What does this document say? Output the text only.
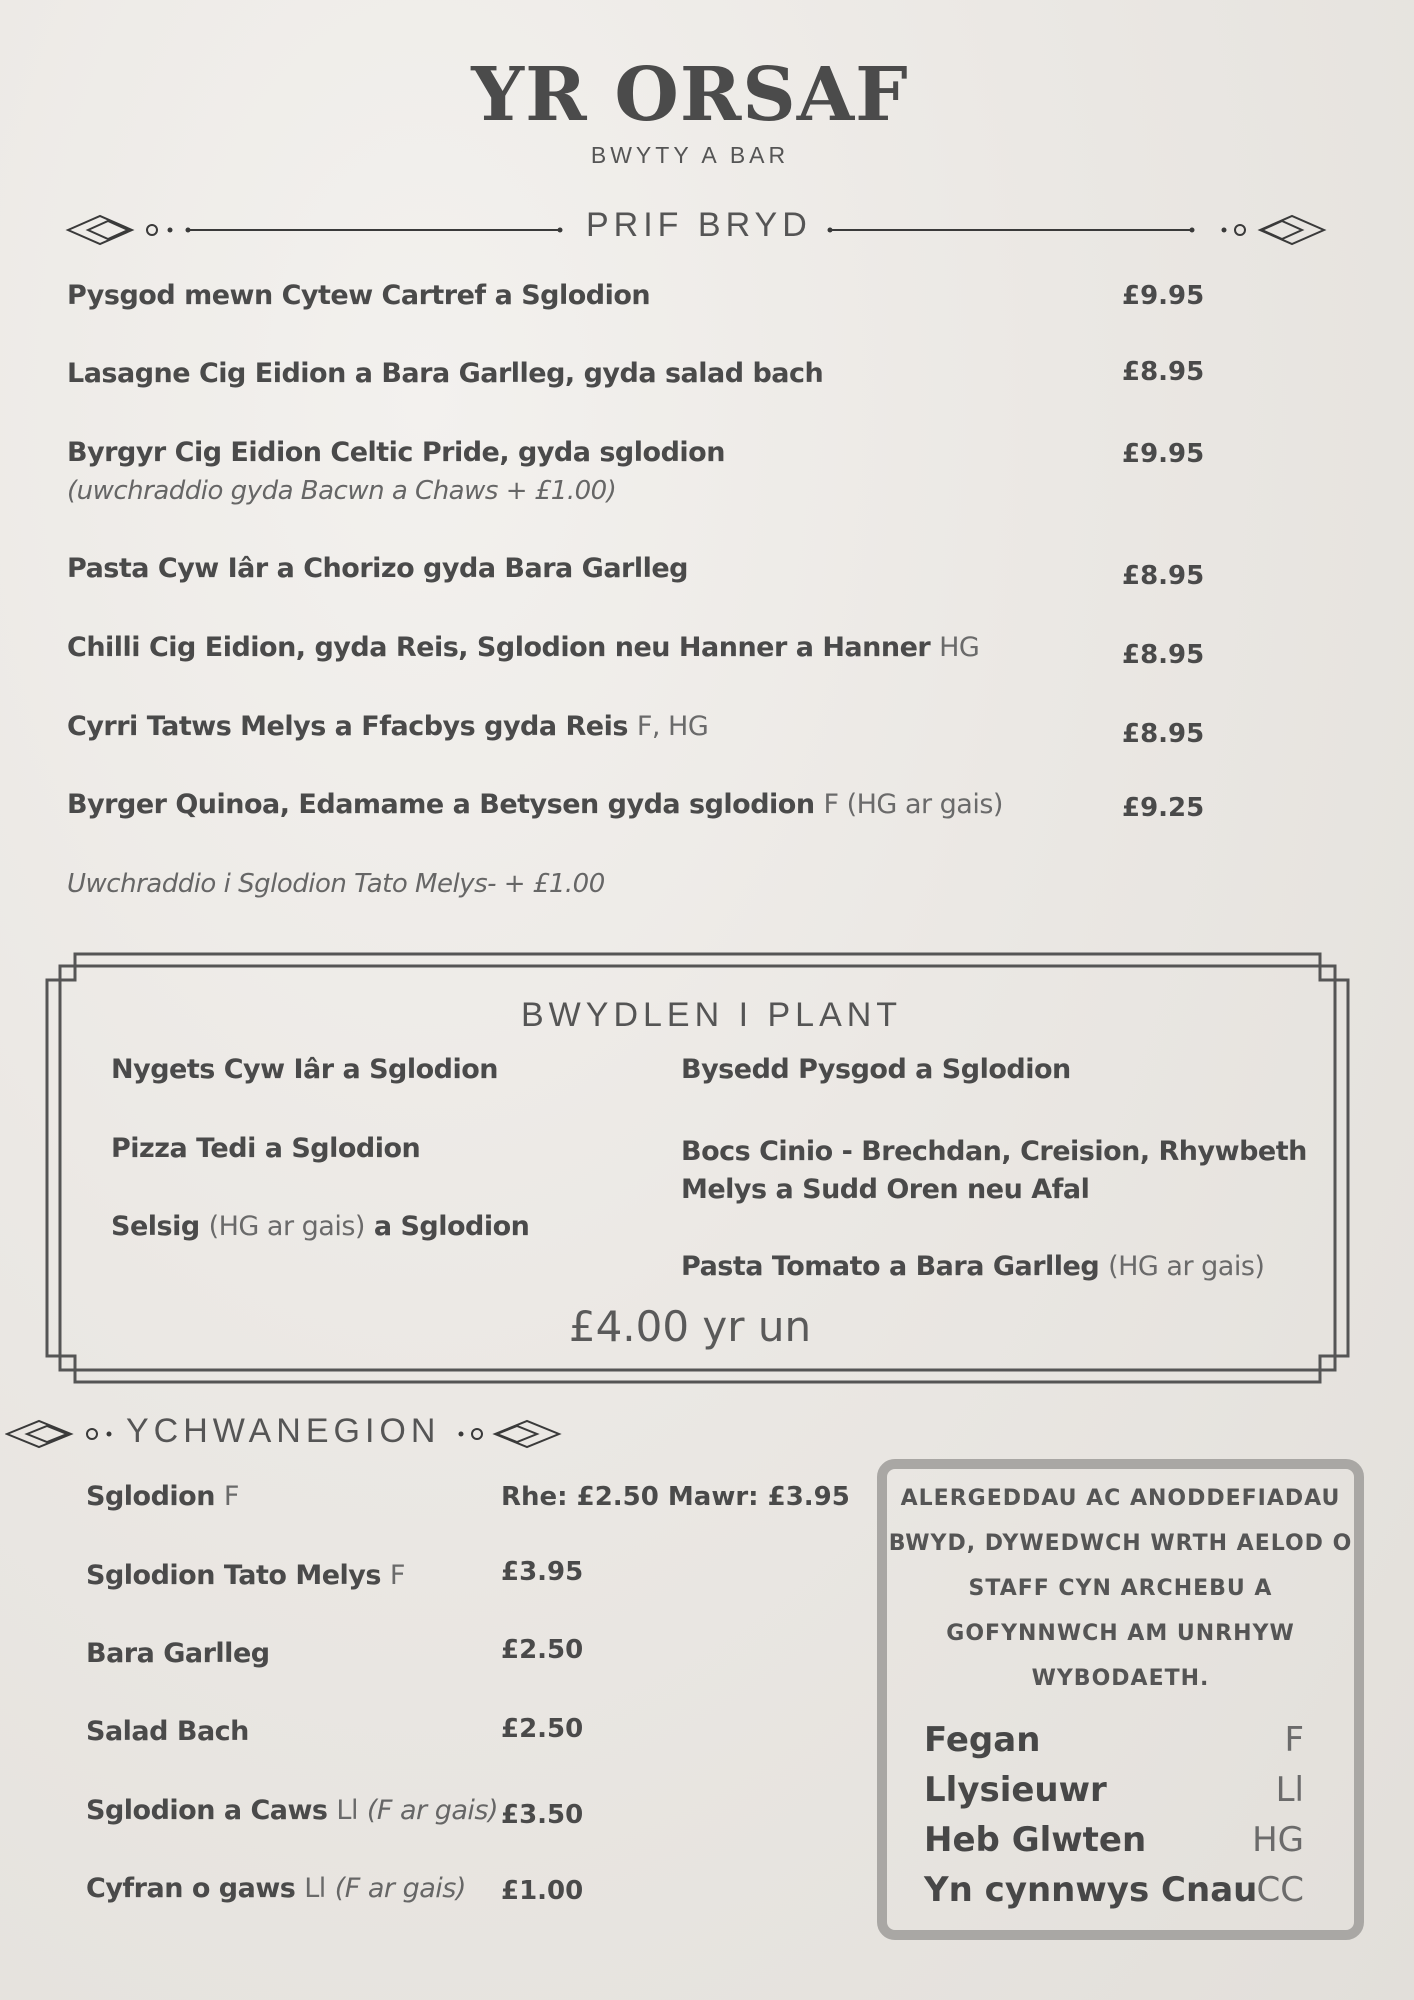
YR ORSAF
BWYTY A BAR
PRIF BRYD
Pysgod mewn Cytew Cartref a Sglodion	£9.95
Lasagne Cig Eidion a Bara Garlleg, gyda salad bach	£8.95
Byrgyr Cig Eidion Celtic Pride, gyda sglodion	£9.95
(uwchraddio gyda Bacwn a Chaws + £1.00)
Pasta Cyw Iâr a Chorizo gyda Bara Garlleg	£8.95
Chilli Cig Eidion, gyda Reis, Sglodion neu Hanner a Hanner HG	£8.95
Cyrri Tatws Melys a Ffacbys gyda Reis F, HG	£8.95
Byrger Quinoa, Edamame a Betysen gyda sglodion F (HG ar gais)	£9.25
Uwchraddio i Sglodion Tato Melys- + £1.00
BWYDLEN I PLANT
Nygets Cyw Iâr a Sglodion
Pizza Tedi a Sglodion
Selsig (HG ar gais) a Sglodion
Bysedd Pysgod a Sglodion
Bocs Cinio - Brechdan, Creision, Rhywbeth
Melys a Sudd Oren neu Afal
Pasta Tomato a Bara Garlleg (HG ar gais)
£4.00 yr un
YCHWANEGION
Sglodion F	Rhe: £2.50 Mawr: £3.95
Sglodion Tato Melys F	£3.95
Bara Garlleg	£2.50
Salad Bach	£2.50
Sglodion a Caws Ll (F ar gais) £3.50
Cyfran o gaws Ll (F ar gais) £1.00
ALERGEDDAU AC ANODDEFIADAU
BWYD, DYWEDWCH WRTH AELOD O
STAFF CYN ARCHEBU A
GOFYNNWCH AM UNRHYW
WYBODAETH.
Fegan	F
Llysieuwr	Ll
Heb Glwten	HG
Yn cynnwys Cnau CC
